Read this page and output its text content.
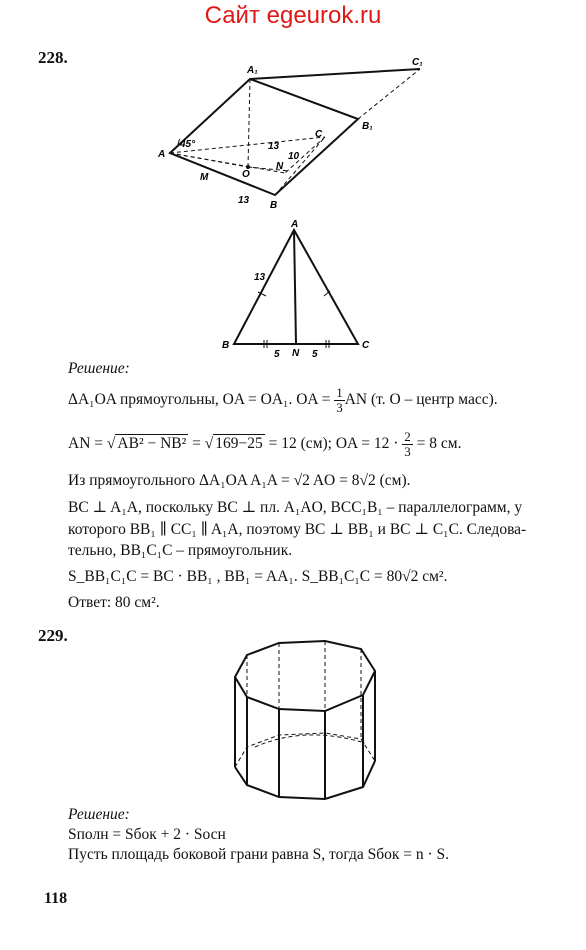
Сайт egeurok.ru
228.
A₁
C₁
B₁
A
B
C
M	O
N
45°	13
10
13
A
B
N
C
13
5	5
Решение:
ΔA₁OA прямоугольны, OA = OA₁. OA = $\frac{1}{3}$ AN (т. O – центр масс).
AN = √ AB² − NB² = √ 169−25 = 12 (см); OA = $12 \cdot \frac{2}{3} = 8$ см.
Из прямоугольного ΔA₁OA A₁A = √2 AO = 8√2 (см).
BC ⊥ A₁A, поскольку BC ⊥ пл. A₁AO, BCC₁B₁ – параллелограмм, у
которого BB₁ ∥ CC₁ ∥ A₁A, поэтому BC ⊥ BB₁ и BC ⊥ C₁C. Следова-
тельно, BB₁C₁C – прямоугольник.
S_BB₁C₁C = BC · BB₁ , BB₁ = AA₁. S_BB₁C₁C = 80√2 см².
Ответ: 80 см².
229.
Решение:
Sполн = Sбок + 2 · Sосн
Пусть площадь боковой грани равна S, тогда Sбок = n · S.
118
